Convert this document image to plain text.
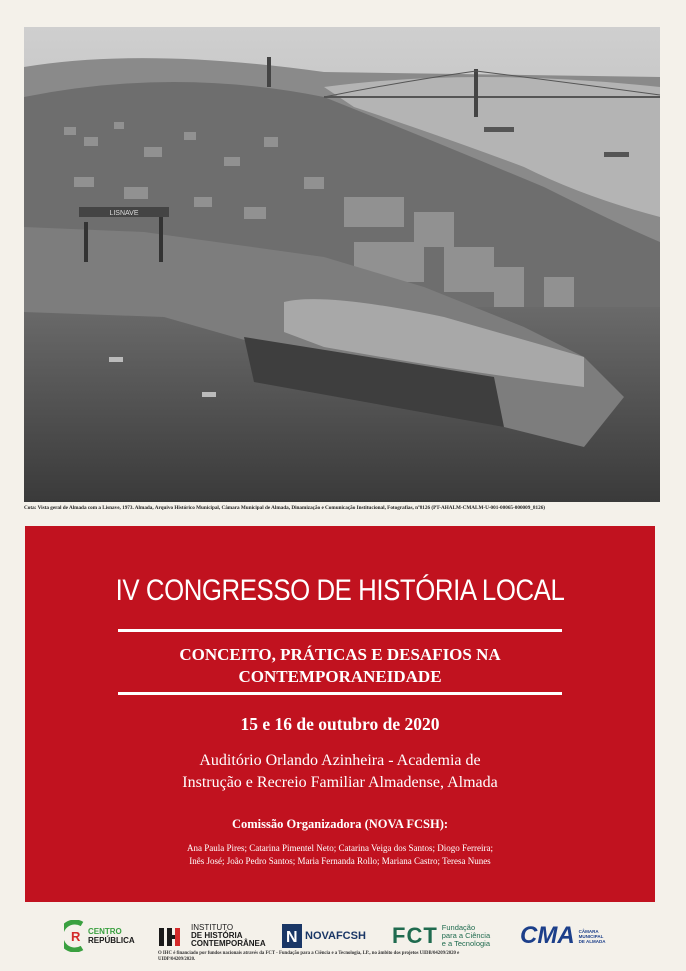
LISNAVE
Cota: Vista geral de Almada com a Lisnave, 1973. Almada, Arquivo Histórico Municipal, Câmara Municipal de Almada, Dinamização e Comunicação Institucional, Fotografias, nº8126 (PT-AHALM-CMALM-U-001-00065-000009_8126)
IV CONGRESSO DE HISTÓRIA LOCAL
CONCEITO, PRÁTICAS E DESAFIOS NA
CONTEMPORANEIDADE
15 e 16 de outubro de 2020
Auditório Orlando Azinheira - Academia de
Instrução e Recreio Familiar Almadense, Almada
Comissão Organizadora (NOVA FCSH):
Ana Paula Pires; Catarina Pimentel Neto; Catarina Veiga dos Santos; Diogo Ferreira;
Inês José; João Pedro Santos; Maria Fernanda Rollo; Mariana Castro; Teresa Nunes
R CENTRO
REPÚBLICA
INSTITUTO
DE HISTÓRIA
CONTEMPORÂNEA N NOVAFCSH FCT Fundação
para a Ciência
e a Tecnologia CMA CÂMARA
MUNICIPAL
DE ALMADA
O IHC é financiado por fundos nacionais através da FCT - Fundação para a Ciência e a Tecnologia, I.P., no âmbito dos projetos UIDB/04209/2020 e
UIDP/04209/2020.
